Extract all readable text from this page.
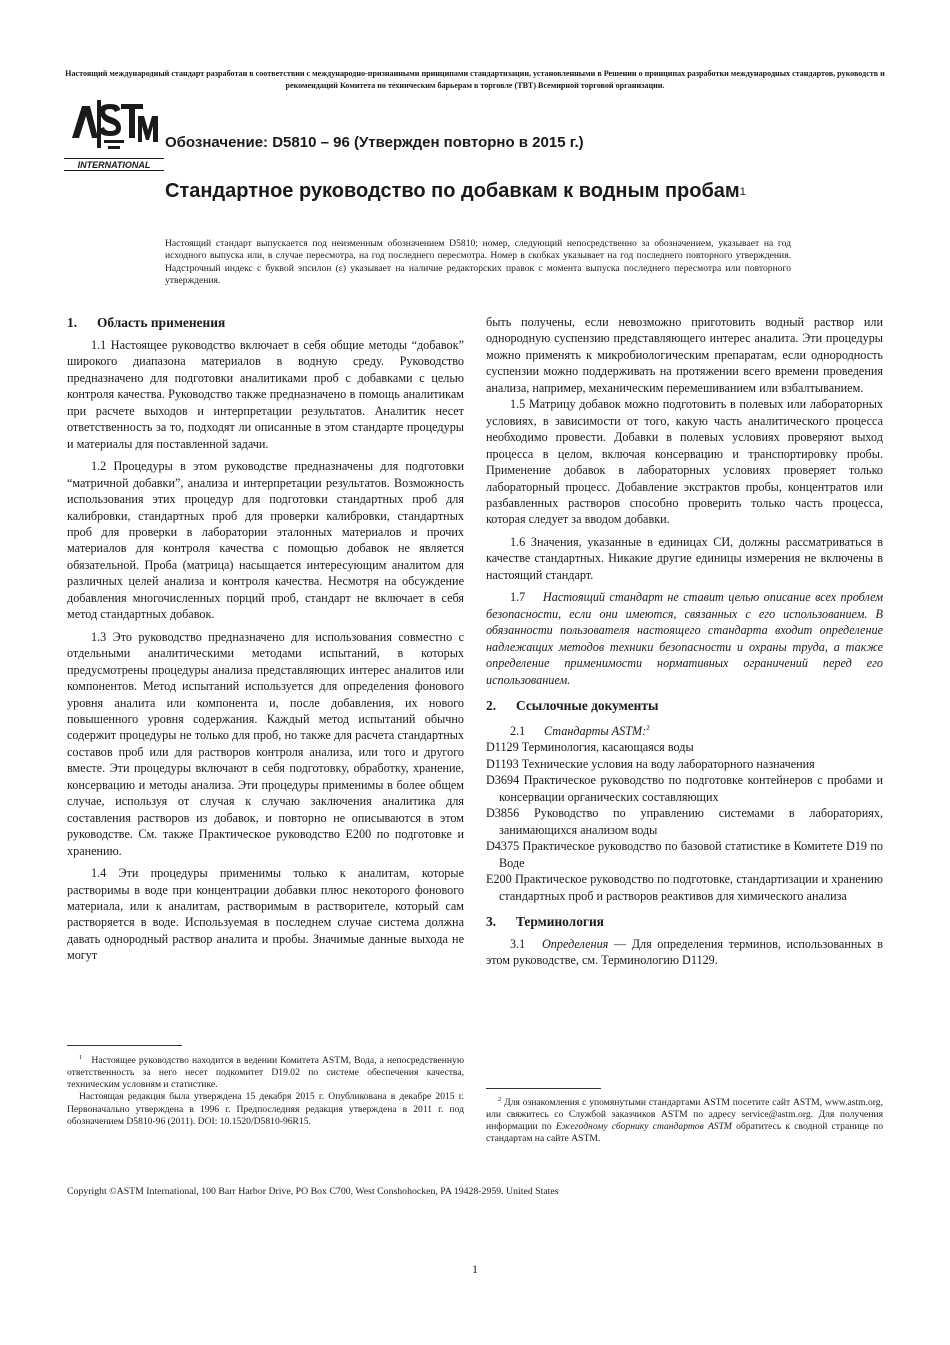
Настоящий международный стандарт разработан в соответствии с международно-признанными принципами стандартизации, установленными в Решении о принципах разработки международных стандартов, руководств и рекомендаций Комитета по техническим барьерам в торговле (ТВТ) Всемирной торговой организации.
INTERNATIONAL
Обозначение: D5810 – 96 (Утвержден повторно в 2015 г.)
Стандартное руководство по добавкам к водным пробам$^1$
Настоящий стандарт выпускается под неизменным обозначением D5810; номер, следующий непосредственно за обозначением, указывает на год исходного выпуска или, в случае пересмотра, на год последнего пересмотра. Номер в скобках указывает на год последнего повторного утверждения. Надстрочный индекс с буквой эпсилон (ε) указывает на наличие редакторских правок с момента выпуска последнего пересмотра или повторного утверждения.
1. Область применения

1.1 Настоящее руководство включает в себя общие методы “добавок” широкого диапазона материалов в водную среду. Руководство предназначено для подготовки аналитиками проб с добавками с целью контроля качества. Руководство также предназначено в помощь аналитикам при расчете выходов и интерпретации результатов. Аналитик несет ответственность за то, подходят ли описанные в этом стандарте процедуры и материалы для поставленной задачи.

1.2 Процедуры в этом руководстве предназначены для подготовки “матричной добавки”, анализа и интерпретации результатов. Возможность использования этих процедур для подготовки стандартных проб для калибровки, стандартных проб для проверки калибровки, стандартных проб для проверки в лаборатории эталонных материалов и прочих материалов для контроля качества с помощью добавок не является обязательной. Проба (матрица) насыщается интересующим аналитом для различных целей анализа и контроля качества. Несмотря на обсуждение добавления многочисленных порций проб, стандарт не включает в себя метод стандартных добавок.

1.3 Это руководство предназначено для использования совместно с отдельными аналитическими методами испытаний, в которых предусмотрены процедуры анализа представляющих интерес аналитов или компонентов. Метод испытаний используется для определения фонового уровня аналита или компонента и, после добавления, их нового повышенного уровня содержания. Каждый метод испытаний обычно содержит процедуры не только для проб, но также для расчета стандартных составов проб или для растворов контроля анализа, или того и другого вместе. Эти процедуры включают в себя подготовку, обработку, хранение, консервацию и методы анализа. Эти процедуры применимы в более общем случае, используя от случая к случаю заключения аналитика для составления растворов из добавок, и повторно не описываются в этом руководстве. См. также Практическое руководство E200 по подготовке и хранению.

1.4 Эти процедуры применимы только к аналитам, которые растворимы в воде при концентрации добавки плюс некоторого фонового материала, или к аналитам, растворимым в растворителе, который сам растворяется в воде. Используемая в последнем случае система должна давать однородный раствор аналита и пробы. Значимые данные выхода не могут

$^1$ Настоящее руководство находится в ведении Комитета ASTM, Вода, а непосредственную ответственность за него несет подкомитет D19.02 по системе обеспечения качества, техническим условиям и статистике.

Настоящая редакция была утверждена 15 декабря 2015 г. Опубликована в декабре 2015 г. Первоначально утверждена в 1996 г. Предпоследняя редакция утверждена в 2011 г. под обозначением D5810-96 (2011). DOI: 10.1520/D5810-96R15.

быть получены, если невозможно приготовить водный раствор или однородную суспензию представляющего интерес аналита. Эти процедуры можно применять к микробиологическим препаратам, если однородность суспензии можно поддерживать на протяжении всего времени проведения анализа, например, механическим перемешиванием или взбалтыванием.

1.5 Матрицу добавок можно подготовить в полевых или лабораторных условиях, в зависимости от того, какую часть аналитического процесса необходимо провести. Добавки в полевых условиях проверяют выход процесса в целом, включая консервацию и транспортировку пробы. Применение добавок в лабораторных условиях проверяет только лабораторный процесс. Добавление экстрактов пробы, концентратов или разбавленных растворов способно проверить только часть процесса, которая следует за вводом добавки.

1.6 Значения, указанные в единицах СИ, должны рассматриваться в качестве стандартных. Никакие другие единицы измерения не включены в настоящий стандарт.

1.7 Настоящий стандарт не ставит целью описание всех проблем безопасности, если они имеются, связанных с его использованием. В обязанности пользователя настоящего стандарта входит определение надлежащих методов техники безопасности и охраны труда, а также определение применимости нормативных ограничений перед его использованием.

2. Ссылочные документы

2.1 Стандарты ASTM:$^2$

D1129 Терминология, касающаяся воды

D1193 Технические условия на воду лабораторного назначения

D3694 Практическое руководство по подготовке контейнеров с пробами и консервации органических составляющих

D3856 Руководство по управлению системами в лабораториях, занимающихся анализом воды

D4375 Практическое руководство по базовой статистике в Комитете D19 по Воде

E200 Практическое руководство по подготовке, стандартизации и хранению стандартных проб и растворов реактивов для химического анализа

3. Терминология

3.1 Определения — Для определения терминов, использованных в этом руководстве, см. Терминологию D1129.

$^2$ Для ознакомления с упомянутыми стандартами ASTM посетите сайт ASTM, www.astm.org, или свяжитесь со Службой заказчиков ASTM по адресу service@astm.org. Для получения информации по Ежегодному сборнику стандартов ASTM обратитесь к сводной странице по стандартам на сайте ASTM.

Copyright ©ASTM International, 100 Barr Harbor Drive, PO Box C700, West Conshohocken, PA 19428-2959. United States
1
